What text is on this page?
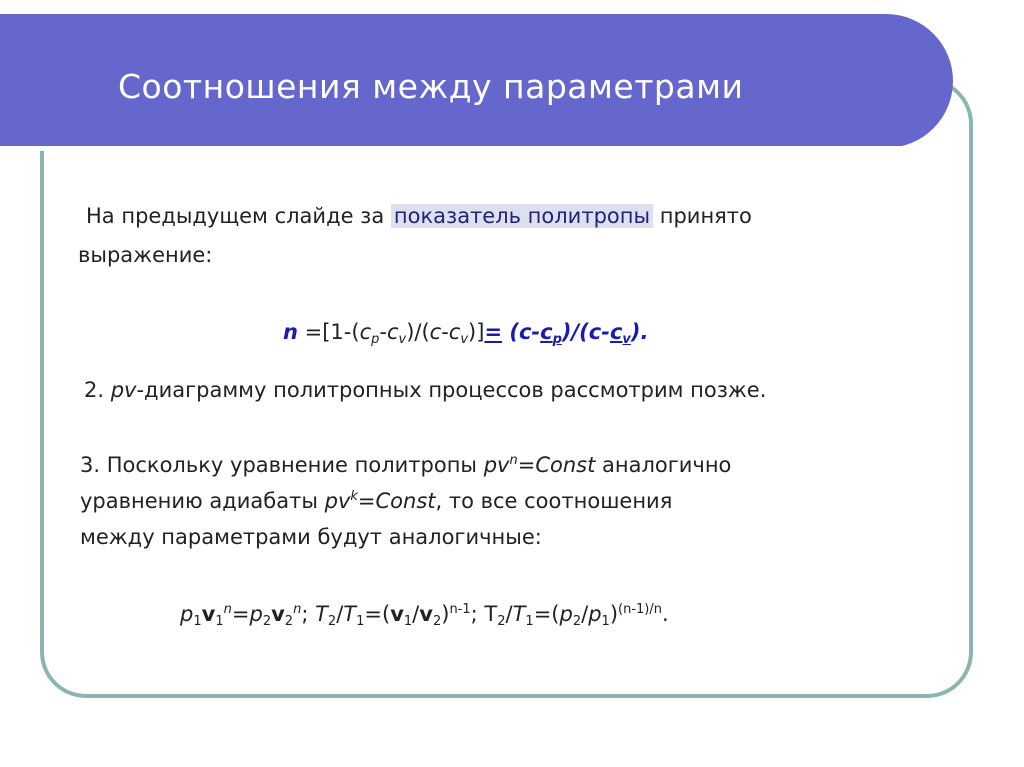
Соотношения между параметрами
На предыдущем слайде за показатель политропы принято
выражение:
$n =[1-(c_p-c_v)/(c-c_v)]= (c-c_p)/(c-c_v)$.
2. pv-диаграмму политропных процессов рассмотрим позже.
3. Поскольку уравнение политропы $pv^n=Const$ аналогично
уравнению адиабаты $pv^k=Const$, то все соотношения
между параметрами будут аналогичные:
$p_1v_1^n=p_2v_2^n$; $T_2/T_1=(v_1/v_2)^{n-1}$; $T_2/T_1=(p_2/p_1)^{(n-1)/n}$.
